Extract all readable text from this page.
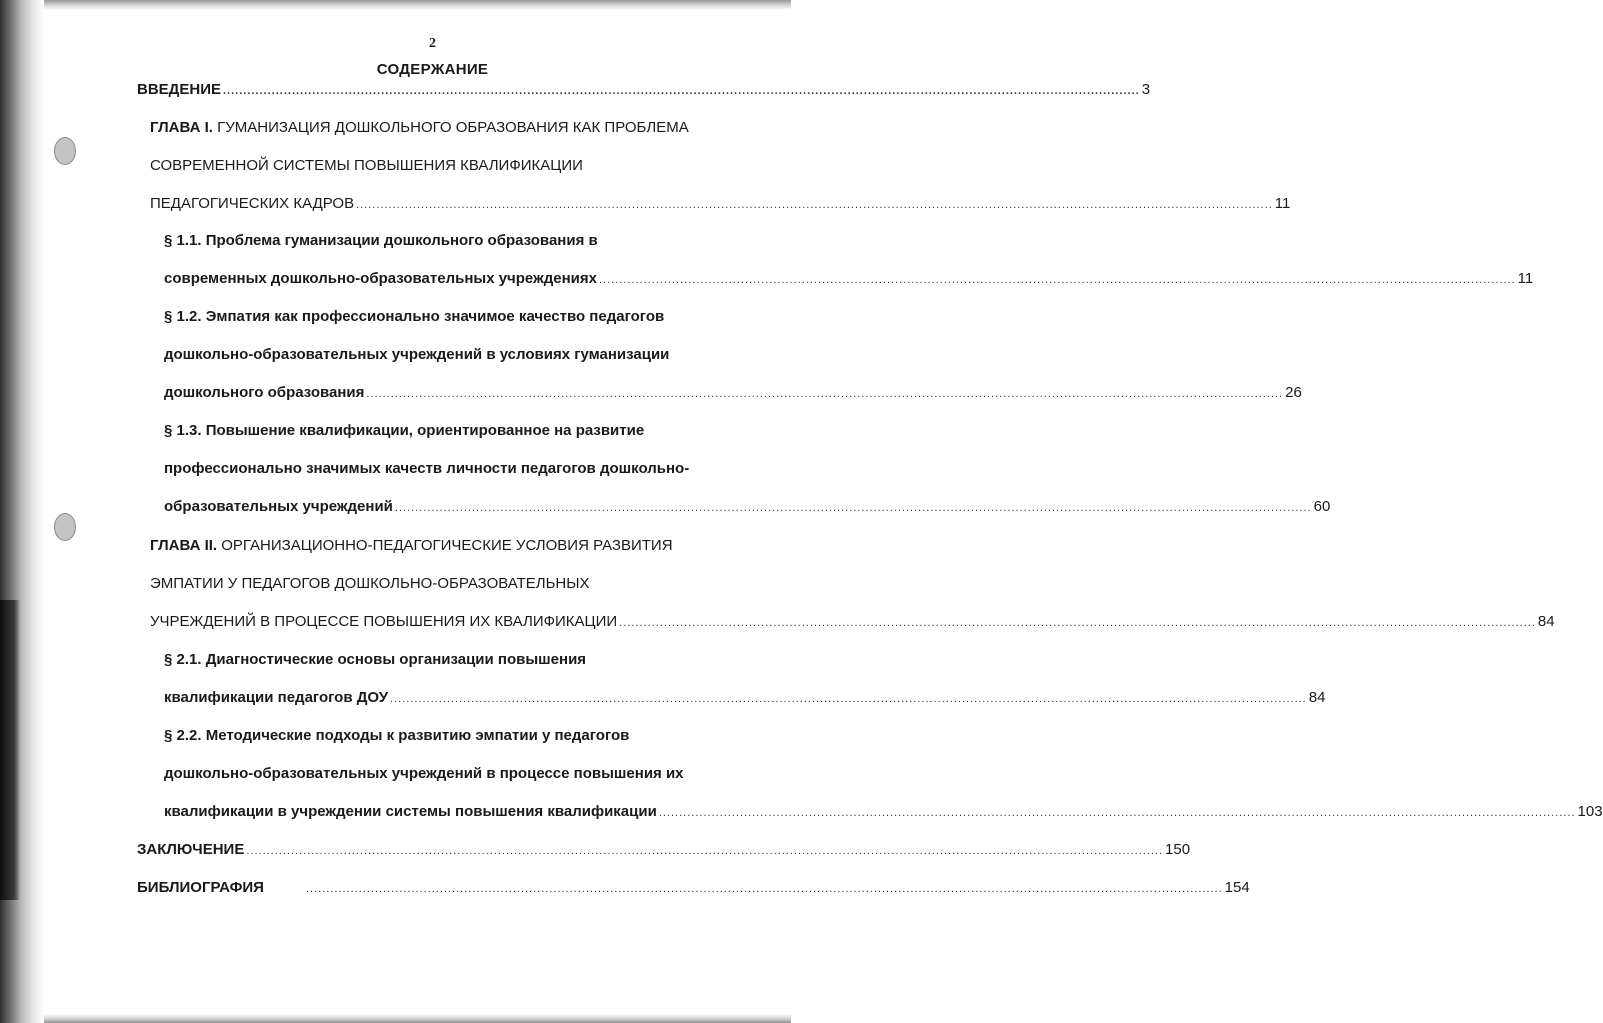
2
СОДЕРЖАНИЕ
ВВЕДЕНИЕ .................................................................................................................................................................................................................................. 3
ГЛАВА I. ГУМАНИЗАЦИЯ ДОШКОЛЬНОГО ОБРАЗОВАНИЯ КАК ПРОБЛЕМА
СОВРЕМЕННОЙ СИСТЕМЫ ПОВЫШЕНИЯ КВАЛИФИКАЦИИ
ПЕДАГОГИЧЕСКИХ КАДРОВ .................................................................................................................................................................................................................................. 11
§ 1.1. Проблема гуманизации дошкольного образования в
современных дошкольно-образовательных учреждениях .................................................................................................................................................................................................................................. 11
§ 1.2. Эмпатия как профессионально значимое качество педагогов
дошкольно-образовательных учреждений в условиях гуманизации
дошкольного образования .................................................................................................................................................................................................................................. 26
§ 1.3. Повышение квалификации, ориентированное на развитие
профессионально значимых качеств личности педагогов дошкольно-
образовательных учреждений .................................................................................................................................................................................................................................. 60
ГЛАВА II. ОРГАНИЗАЦИОННО-ПЕДАГОГИЧЕСКИЕ УСЛОВИЯ РАЗВИТИЯ
ЭМПАТИИ У ПЕДАГОГОВ ДОШКОЛЬНО-ОБРАЗОВАТЕЛЬНЫХ
УЧРЕЖДЕНИЙ В ПРОЦЕССЕ ПОВЫШЕНИЯ ИХ КВАЛИФИКАЦИИ .................................................................................................................................................................................................................................. 84
§ 2.1. Диагностические основы организации повышения
квалификации педагогов ДОУ .................................................................................................................................................................................................................................. 84
§ 2.2. Методические подходы к развитию эмпатии у педагогов
дошкольно-образовательных учреждений в процессе повышения их
квалификации в учреждении системы повышения квалификации .................................................................................................................................................................................................................................. 103
ЗАКЛЮЧЕНИЕ .................................................................................................................................................................................................................................. 150
БИБЛИОГРАФИЯ	.................................................................................................................................................................................................................................. 154
